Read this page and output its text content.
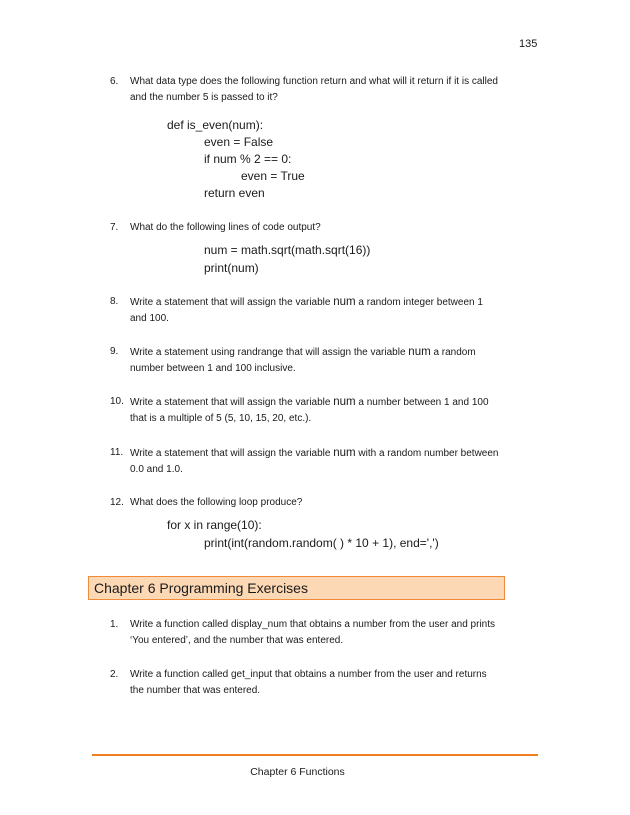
135
6. What data type does the following function return and what will it return if it is called and the number 5 is passed to it?
def is_even(num):
even = False
if num % 2 == 0:
even = True
return even
7. What do the following lines of code output?
num = math.sqrt(math.sqrt(16))
print(num)
8. Write a statement that will assign the variable num a random integer between 1 and 100.
9. Write a statement using randrange that will assign the variable num a random number between 1 and 100 inclusive.
10. Write a statement that will assign the variable num a number between 1 and 100 that is a multiple of 5 (5, 10, 15, 20, etc.).
11. Write a statement that will assign the variable num with a random number between 0.0 and 1.0.
12. What does the following loop produce?
for x in range(10):
print(int(random.random( ) * 10 + 1), end=',')
Chapter 6 Programming Exercises
1. Write a function called display_num that obtains a number from the user and prints ‘You entered’, and the number that was entered.
2. Write a function called get_input that obtains a number from the user and returns the number that was entered.
Chapter 6 Functions
